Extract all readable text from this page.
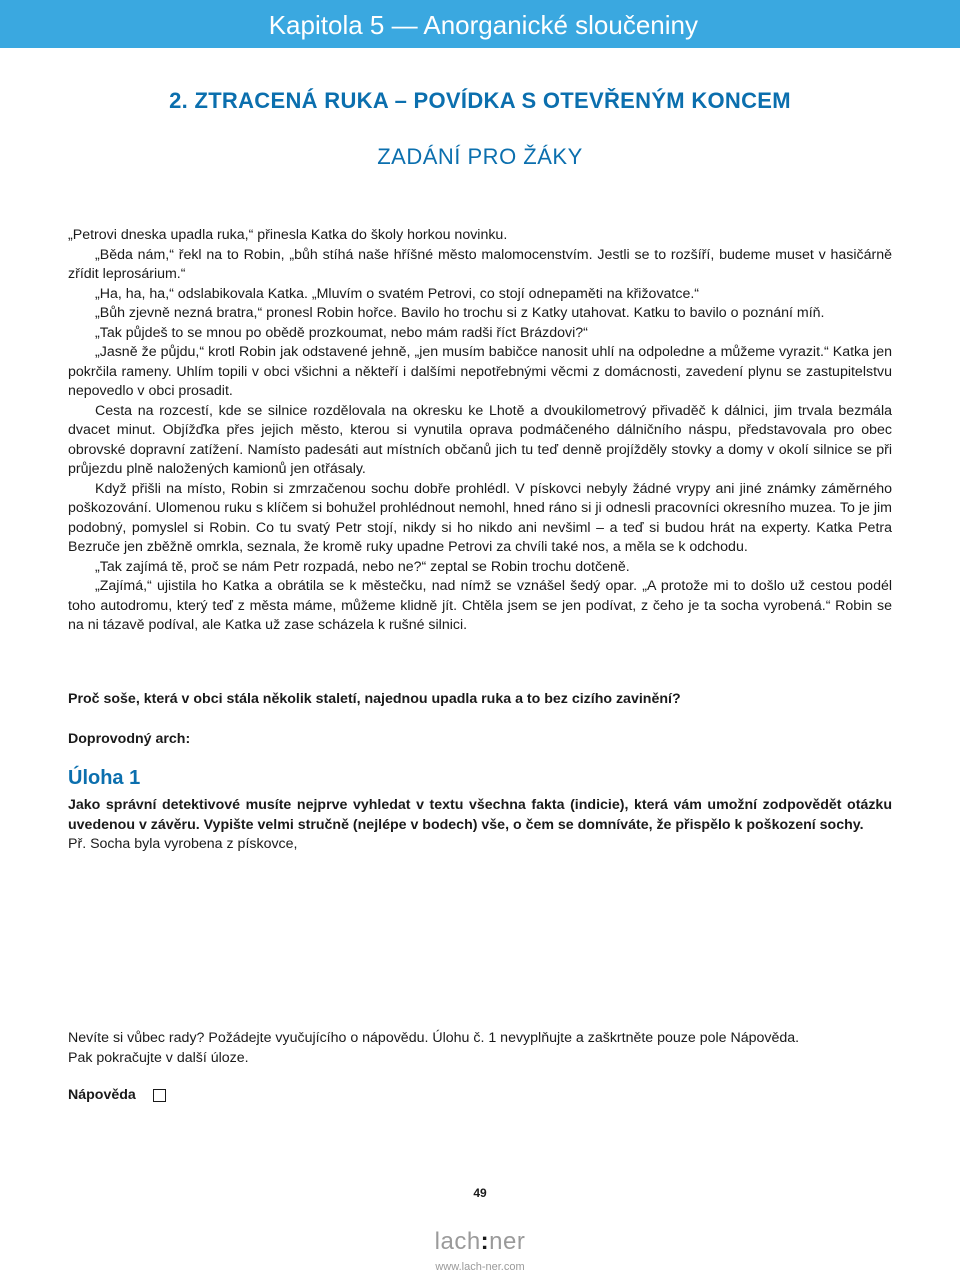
Kapitola 5 — Anorganické sloučeniny
2. ZTRACENÁ RUKA – POVÍDKA S OTEVŘENÝM KONCEM
ZADÁNÍ PRO ŽÁKY

„Petrovi dneska upadla ruka,“ přinesla Katka do školy horkou novinku.

„Běda nám,“ řekl na to Robin, „bůh stíhá naše hříšné město malomocenstvím. Jestli se to rozšíří, budeme muset v hasičárně zřídit leprosárium.“

„Ha, ha, ha,“ odslabikovala Katka. „Mluvím o svatém Petrovi, co stojí odnepaměti na křižovatce.“

„Bůh zjevně nezná bratra,“ pronesl Robin hořce. Bavilo ho trochu si z Katky utahovat. Katku to bavilo o poznání míň.

„Tak půjdeš to se mnou po obědě prozkoumat, nebo mám radši říct Brázdovi?“

„Jasně že půjdu,“ krotl Robin jak odstavené jehně, „jen musím babičce nanosit uhlí na odpoledne a můžeme vyrazit.“ Katka jen pokrčila rameny. Uhlím topili v obci všichni a někteří i dalšími nepotřebnými věcmi z domácnosti, zavedení plynu se zastupitelstvu nepovedlo v obci prosadit.

Cesta na rozcestí, kde se silnice rozdělovala na okresku ke Lhotě a dvoukilometrový přivaděč k dálnici, jim trvala bezmála dvacet minut. Objížďka přes jejich město, kterou si vynutila oprava podmáčeného dálničního náspu, představovala pro obec obrovské dopravní zatížení. Namísto padesáti aut místních občanů jich tu teď denně projížděly stovky a domy v okolí silnice se při průjezdu plně naložených kamionů jen otřásaly.

Když přišli na místo, Robin si zmrzačenou sochu dobře prohlédl. V pískovci nebyly žádné vrypy ani jiné známky záměrného poškozování. Ulomenou ruku s klíčem si bohužel prohlédnout nemohl, hned ráno si ji odnesli pracovníci okresního muzea. To je jim podobný, pomyslel si Robin. Co tu svatý Petr stojí, nikdy si ho nikdo ani nevšiml – a teď si budou hrát na experty. Katka Petra Bezruče jen zběžně omrkla, seznala, že kromě ruky upadne Petrovi za chvíli také nos, a měla se k odchodu.

„Tak zajímá tě, proč se nám Petr rozpadá, nebo ne?“ zeptal se Robin trochu dotčeně.

„Zajímá,“ ujistila ho Katka a obrátila se k městečku, nad nímž se vznášel šedý opar. „A protože mi to došlo už cestou podél toho autodromu, který teď z města máme, můžeme klidně jít. Chtěla jsem se jen podívat, z čeho je ta socha vyrobená.“ Robin se na ni tázavě podíval, ale Katka už zase scházela k rušné silnici.

Proč soše, která v obci stála několik staletí, najednou upadla ruka a to bez cizího zavinění?
Doprovodný arch:
Úloha 1

Jako správní detektivové musíte nejprve vyhledat v textu všechna fakta (indicie), která vám umožní zodpovědět otázku uvedenou v závěru. Vypište velmi stručně (nejlépe v bodech) vše, o čem se domníváte, že přispělo k poškození sochy.

Př. Socha byla vyrobena z pískovce,

Nevíte si vůbec rady? Požádejte vyučujícího o nápovědu. Úlohu č. 1 nevyplňujte a zaškrtněte pouze pole Nápověda.

Pak pokračujte v další úloze.

Nápověda
49
lach:ner
www.lach-ner.com
